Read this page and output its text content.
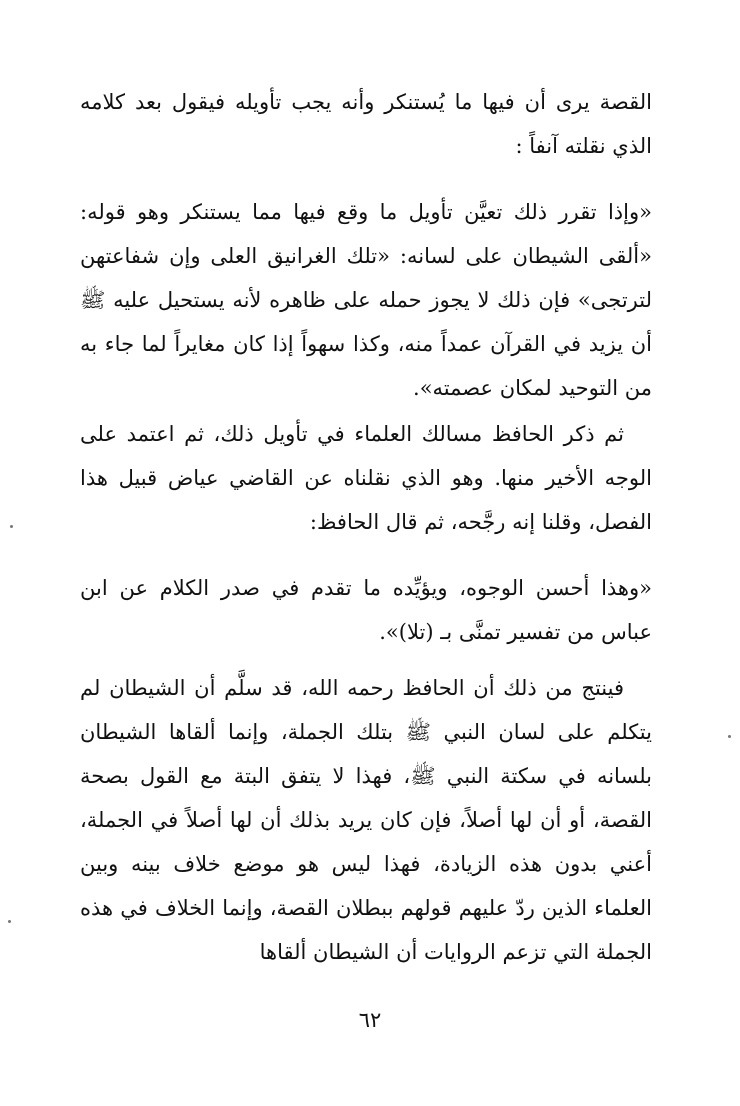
القصة يرى أن فيها ما يُستنكر وأنه يجب تأويله فيقول بعد كلامه الذي نقلته آنفاً :

«وإذا تقرر ذلك تعيَّن تأويل ما وقع فيها مما يستنكر وهو قوله: «ألقى الشيطان على لسانه: «تلك الغرانيق العلى وإن شفاعتهن لترتجى» فإن ذلك لا يجوز حمله على ظاهره لأنه يستحيل عليه ﷺ أن يزيد في القرآن عمداً منه، وكذا سهواً إذا كان مغايراً لما جاء به من التوحيد لمكان عصمته».

ثم ذكر الحافظ مسالك العلماء في تأويل ذلك، ثم اعتمد على الوجه الأخير منها. وهو الذي نقلناه عن القاضي عياض قبيل هذا الفصل، وقلنا إنه رجَّحه، ثم قال الحافظ:

«وهذا أحسن الوجوه، ويؤيِّده ما تقدم في صدر الكلام عن ابن عباس من تفسير تمنَّى بـ (تلا)».

فينتج من ذلك أن الحافظ رحمه الله، قد سلَّم أن الشيطان لم يتكلم على لسان النبي ﷺ بتلك الجملة، وإنما ألقاها الشيطان بلسانه في سكتة النبي ﷺ، فهذا لا يتفق البتة مع القول بصحة القصة، أو أن لها أصلاً، فإن كان يريد بذلك أن لها أصلاً في الجملة، أعني بدون هذه الزيادة، فهذا ليس هو موضع خلاف بينه وبين العلماء الذين ردّ عليهم قولهم ببطلان القصة، وإنما الخلاف في هذه الجملة التي تزعم الروايات أن الشيطان ألقاها

٦٢
